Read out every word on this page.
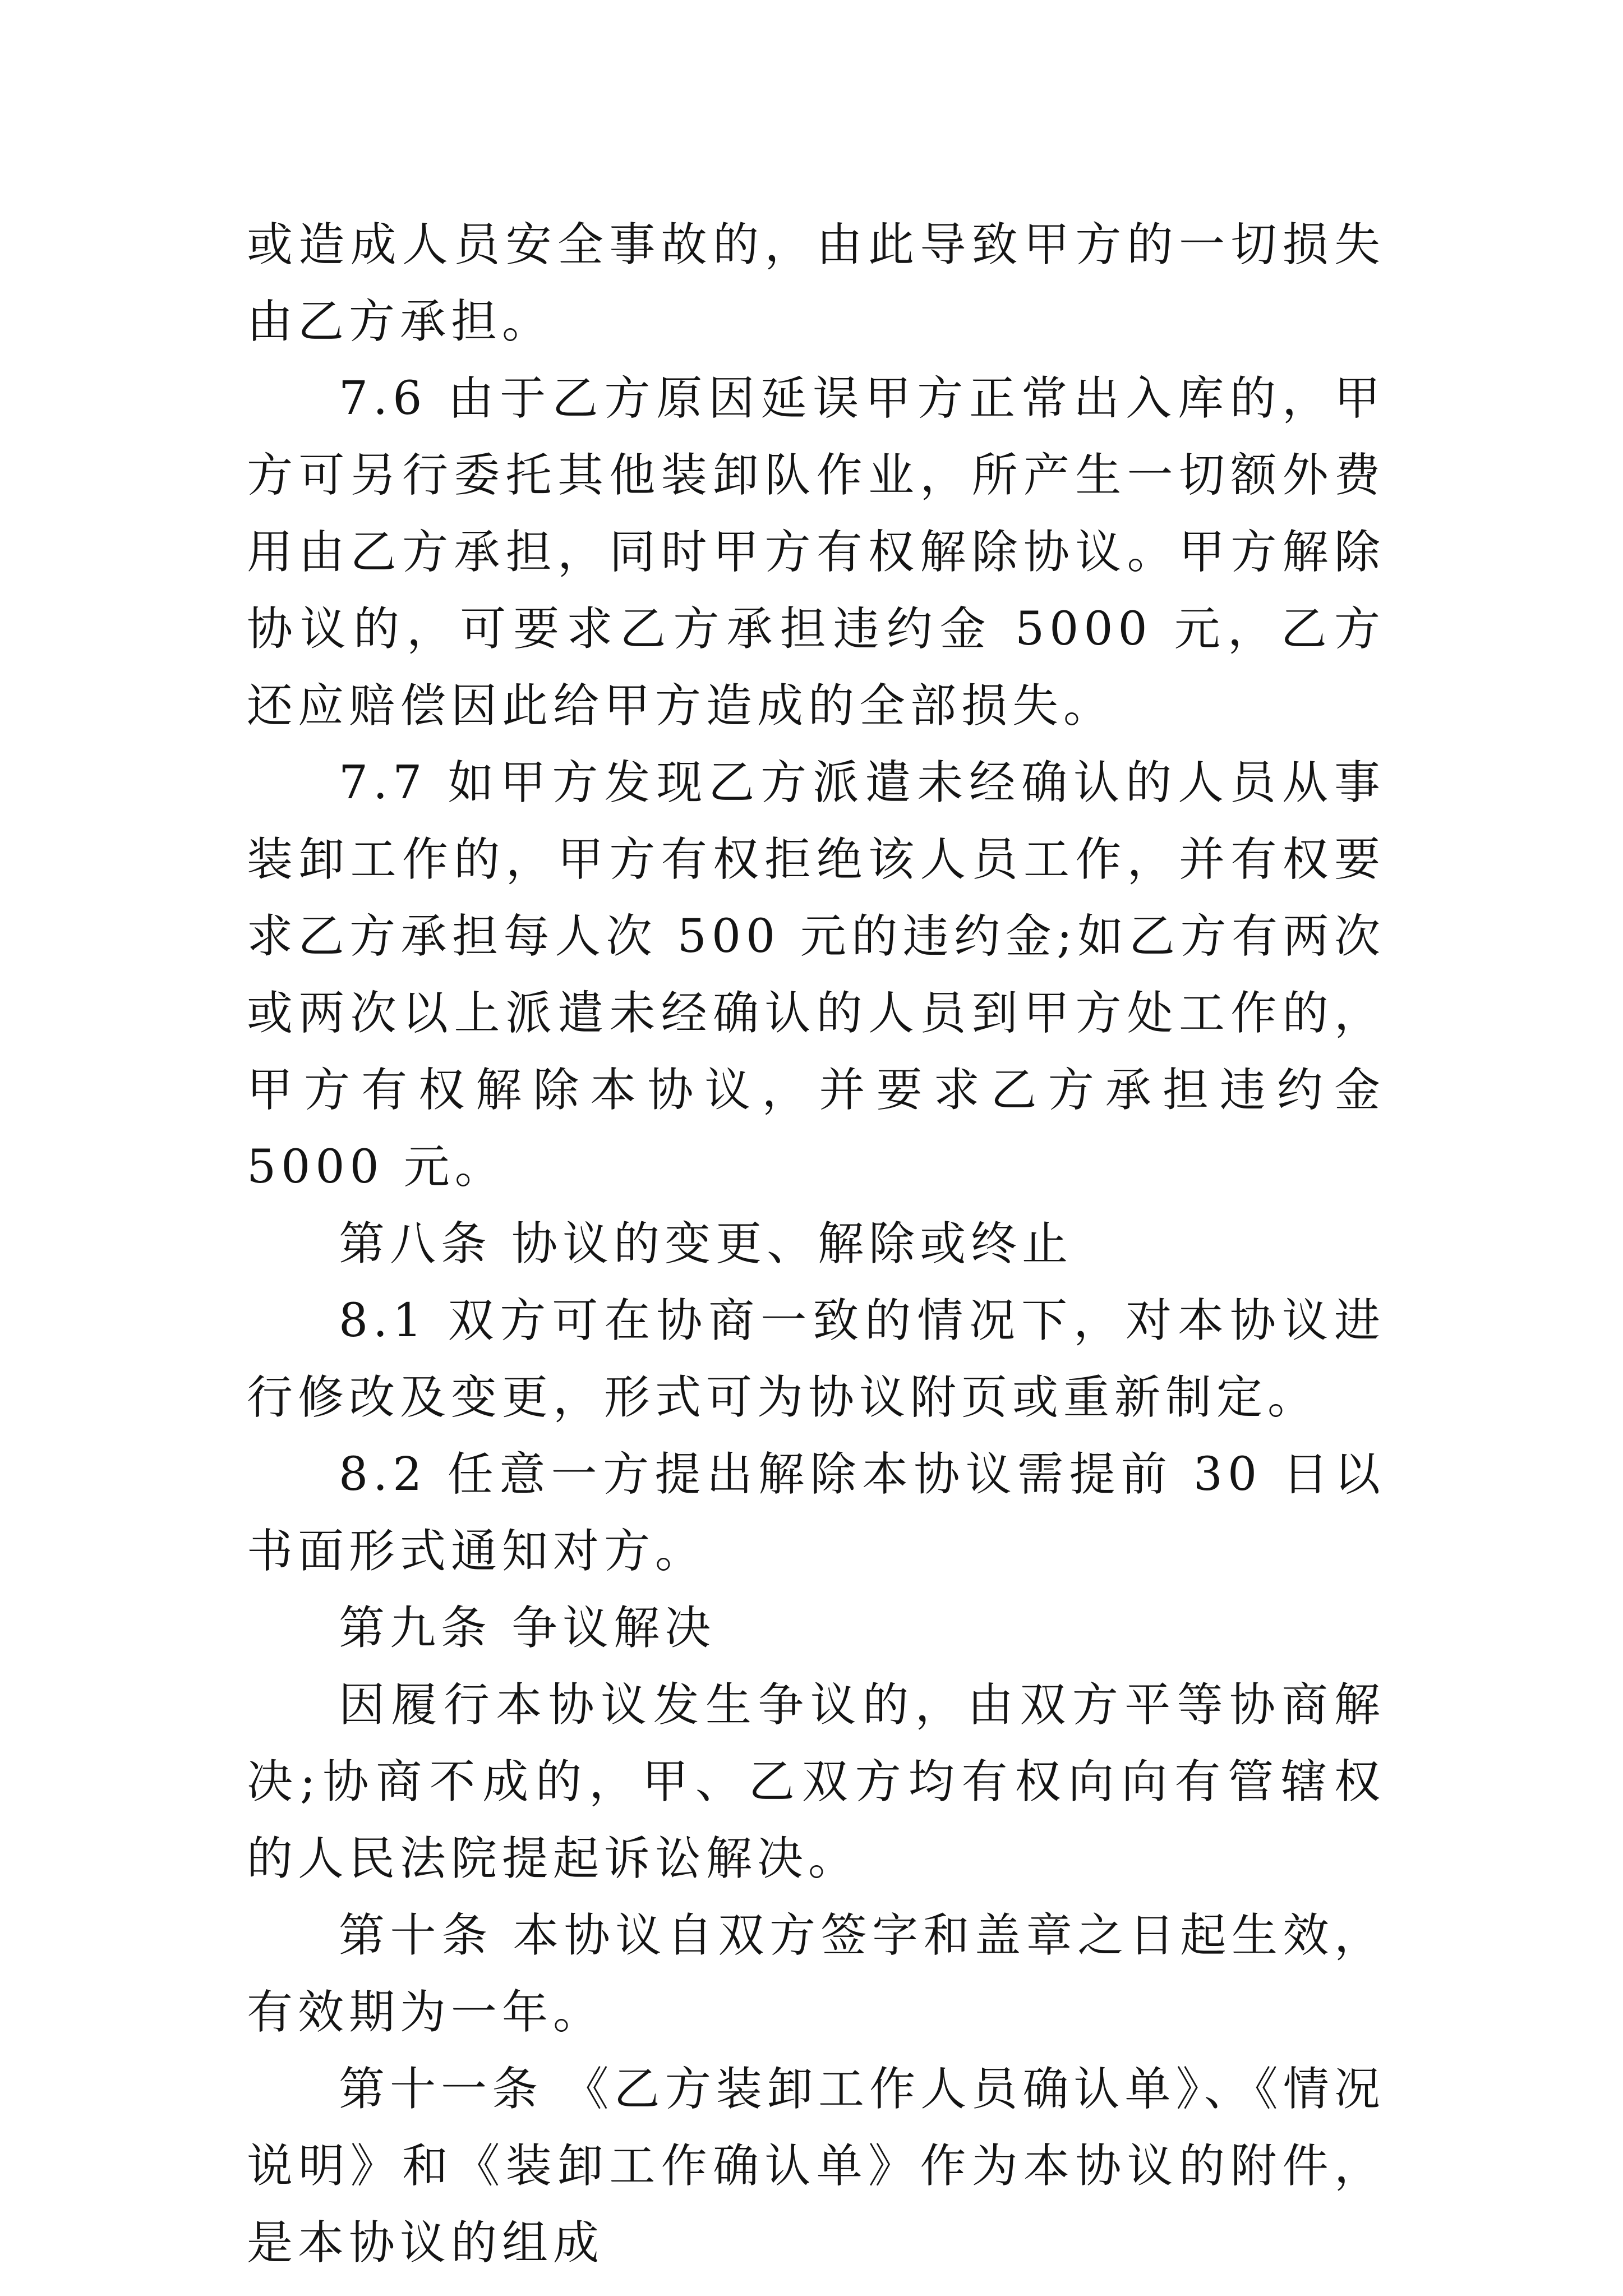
或造成人员安全事故的，由此导致甲方的一切损失由乙方承担。

7.6 由于乙方原因延误甲方正常出入库的，甲方可另行委托其他装卸队作业，所产生一切额外费用由乙方承担，同时甲方有权解除协议。甲方解除协议的，可要求乙方承担违约金 5000 元，乙方还应赔偿因此给甲方造成的全部损失。

7.7 如甲方发现乙方派遣未经确认的人员从事装卸工作的，甲方有权拒绝该人员工作，并有权要求乙方承担每人次 500 元的违约金;如乙方有两次或两次以上派遣未经确认的人员到甲方处工作的，甲方有权解除本协议，并要求乙方承担违约金 5000 元。

第八条 协议的变更、解除或终止

8.1 双方可在协商一致的情况下，对本协议进行修改及变更，形式可为协议附页或重新制定。

8.2 任意一方提出解除本协议需提前 30 日以书面形式通知对方。

第九条 争议解决

因履行本协议发生争议的，由双方平等协商解决;协商不成的，甲、乙双方均有权向向有管辖权的人民法院提起诉讼解决。

第十条 本协议自双方签字和盖章之日起生效，有效期为一年。

第十一条 《乙方装卸工作人员确认单》、《情况说明》和《装卸工作确认单》作为本协议的附件，是本协议的组成
